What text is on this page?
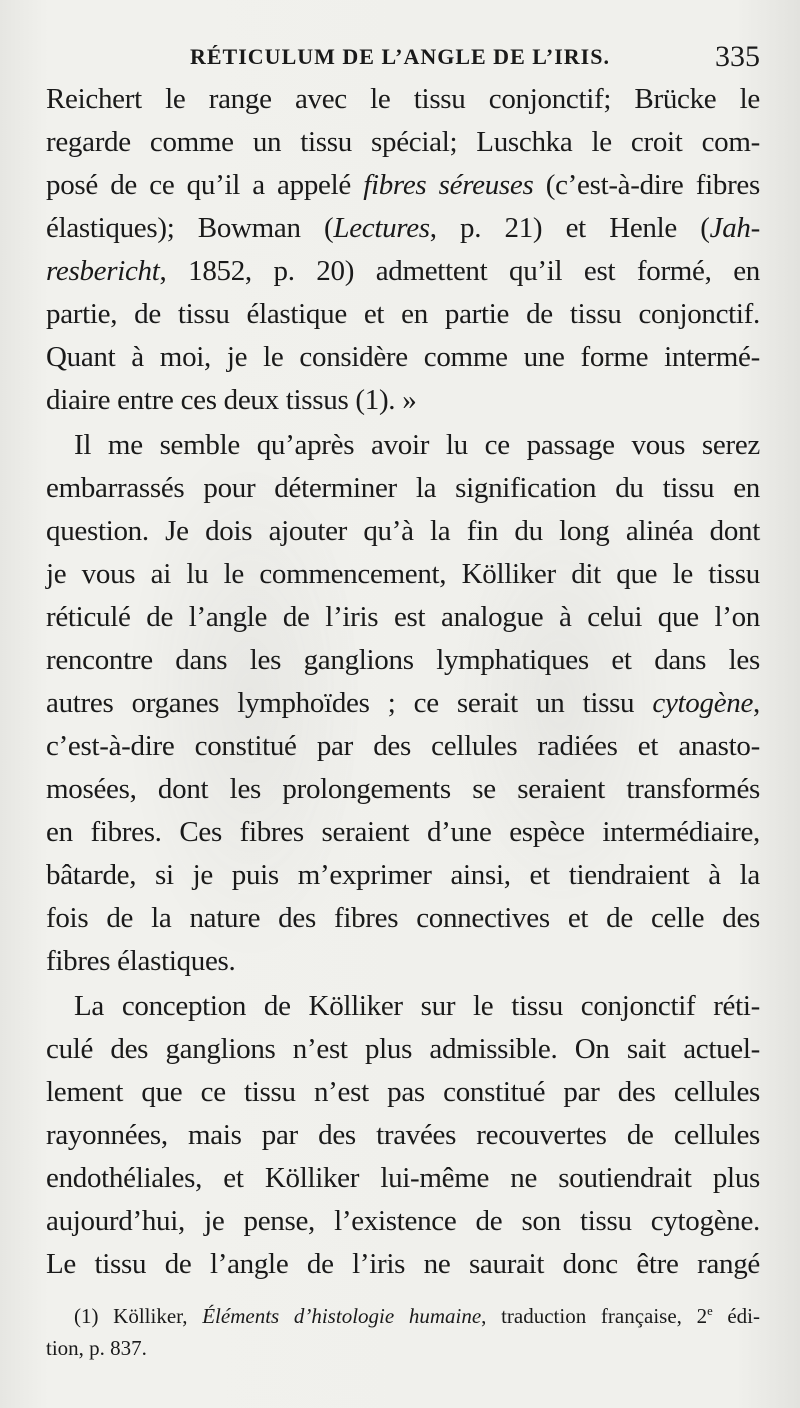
RÉTICULUM DE L’ANGLE DE L’IRIS.	335
Reichert le range avec le tissu conjonctif; Brücke le
regarde comme un tissu spécial; Luschka le croit com-
posé de ce qu’il a appelé fibres séreuses (c’est-à-dire fibres
élastiques); Bowman (Lectures, p. 21) et Henle (Jah-
resbericht, 1852, p. 20) admettent qu’il est formé, en
partie, de tissu élastique et en partie de tissu conjonctif.
Quant à moi, je le considère comme une forme intermé-
diaire entre ces deux tissus (1). »
Il me semble qu’après avoir lu ce passage vous serez
embarrassés pour déterminer la signification du tissu en
question. Je dois ajouter qu’à la fin du long alinéa dont
je vous ai lu le commencement, Kölliker dit que le tissu
réticulé de l’angle de l’iris est analogue à celui que l’on
rencontre dans les ganglions lymphatiques et dans les
autres organes lymphoïdes ; ce serait un tissu cytogène,
c’est-à-dire constitué par des cellules radiées et anasto-
mosées, dont les prolongements se seraient transformés
en fibres. Ces fibres seraient d’une espèce intermédiaire,
bâtarde, si je puis m’exprimer ainsi, et tiendraient à la
fois de la nature des fibres connectives et de celle des
fibres élastiques.
La conception de Kölliker sur le tissu conjonctif réti-
culé des ganglions n’est plus admissible. On sait actuel-
lement que ce tissu n’est pas constitué par des cellules
rayonnées, mais par des travées recouvertes de cellules
endothéliales, et Kölliker lui-même ne soutiendrait plus
aujourd’hui, je pense, l’existence de son tissu cytogène.
Le tissu de l’angle de l’iris ne saurait donc être rangé
(1) Kölliker, Éléments d’histologie humaine, traduction française, 2e édi-
tion, p. 837.
